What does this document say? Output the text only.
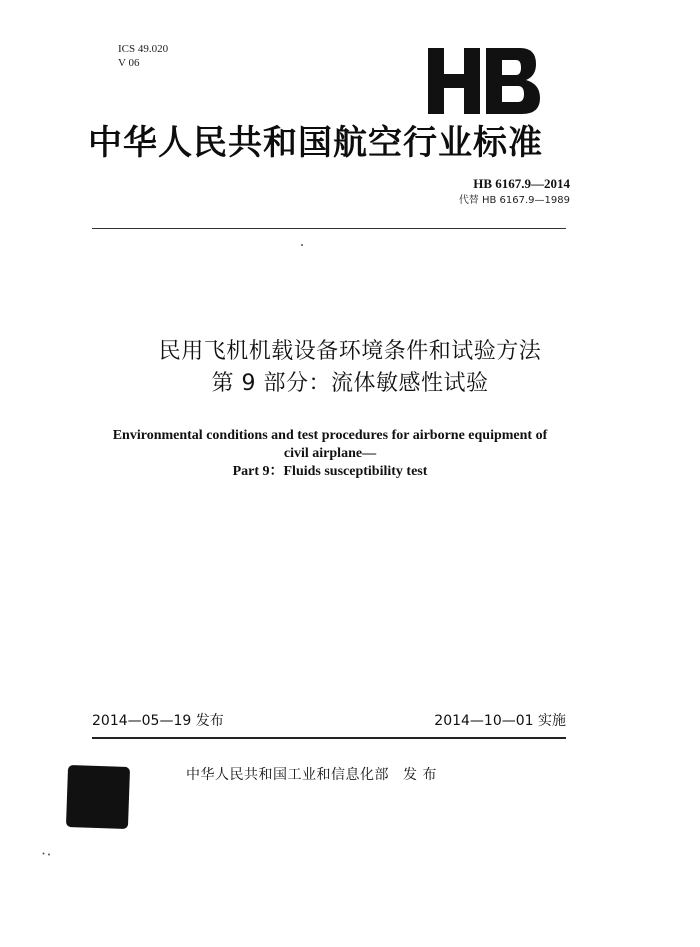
ICS 49.020
V 06
中华人民共和国航空行业标准
HB 6167.9—2014
代替 HB 6167.9—1989
民用飞机机载设备环境条件和试验方法
第 9 部分：流体敏感性试验
Environmental conditions and test procedures for airborne equipment of
civil airplane—
Part 9：Fluids susceptibility test
2014—05—19 发布	2014—10—01 实施
中华人民共和国工业和信息化部 发 布
